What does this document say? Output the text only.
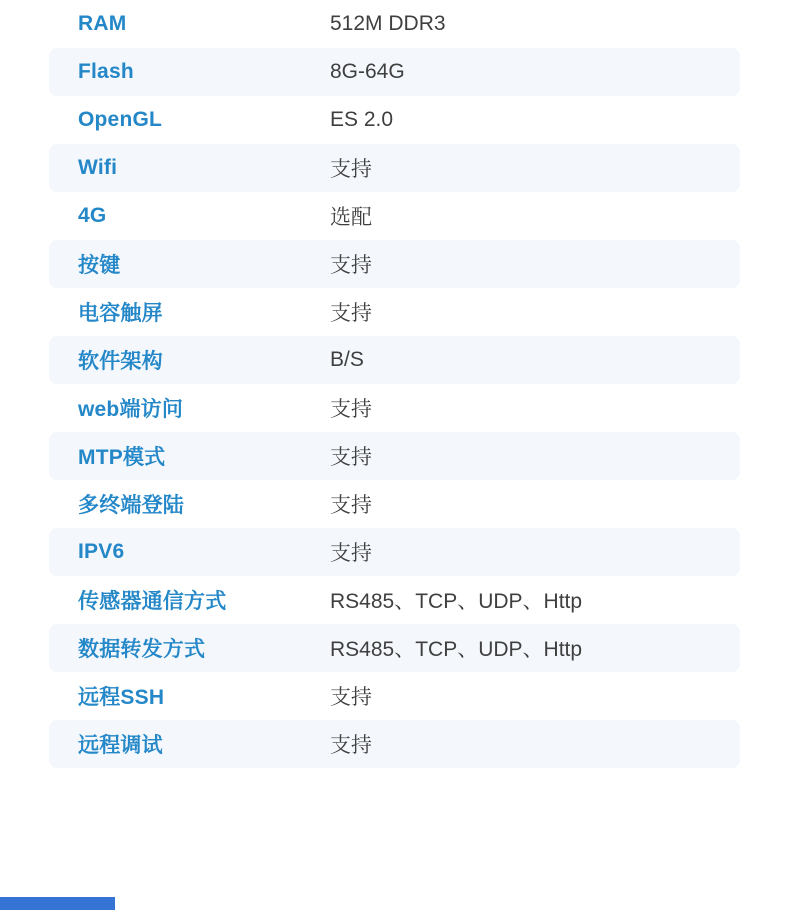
RAM	512M DDR3
Flash	8G-64G
OpenGL	ES 2.0
Wifi	支持
4G	选配
按键	支持
电容触屏	支持
软件架构	B/S
web端访问	支持
MTP模式	支持
多终端登陆	支持
IPV6	支持
传感器通信方式	RS485、TCP、UDP、Http
数据转发方式	RS485、TCP、UDP、Http
远程SSH	支持
远程调试	支持
